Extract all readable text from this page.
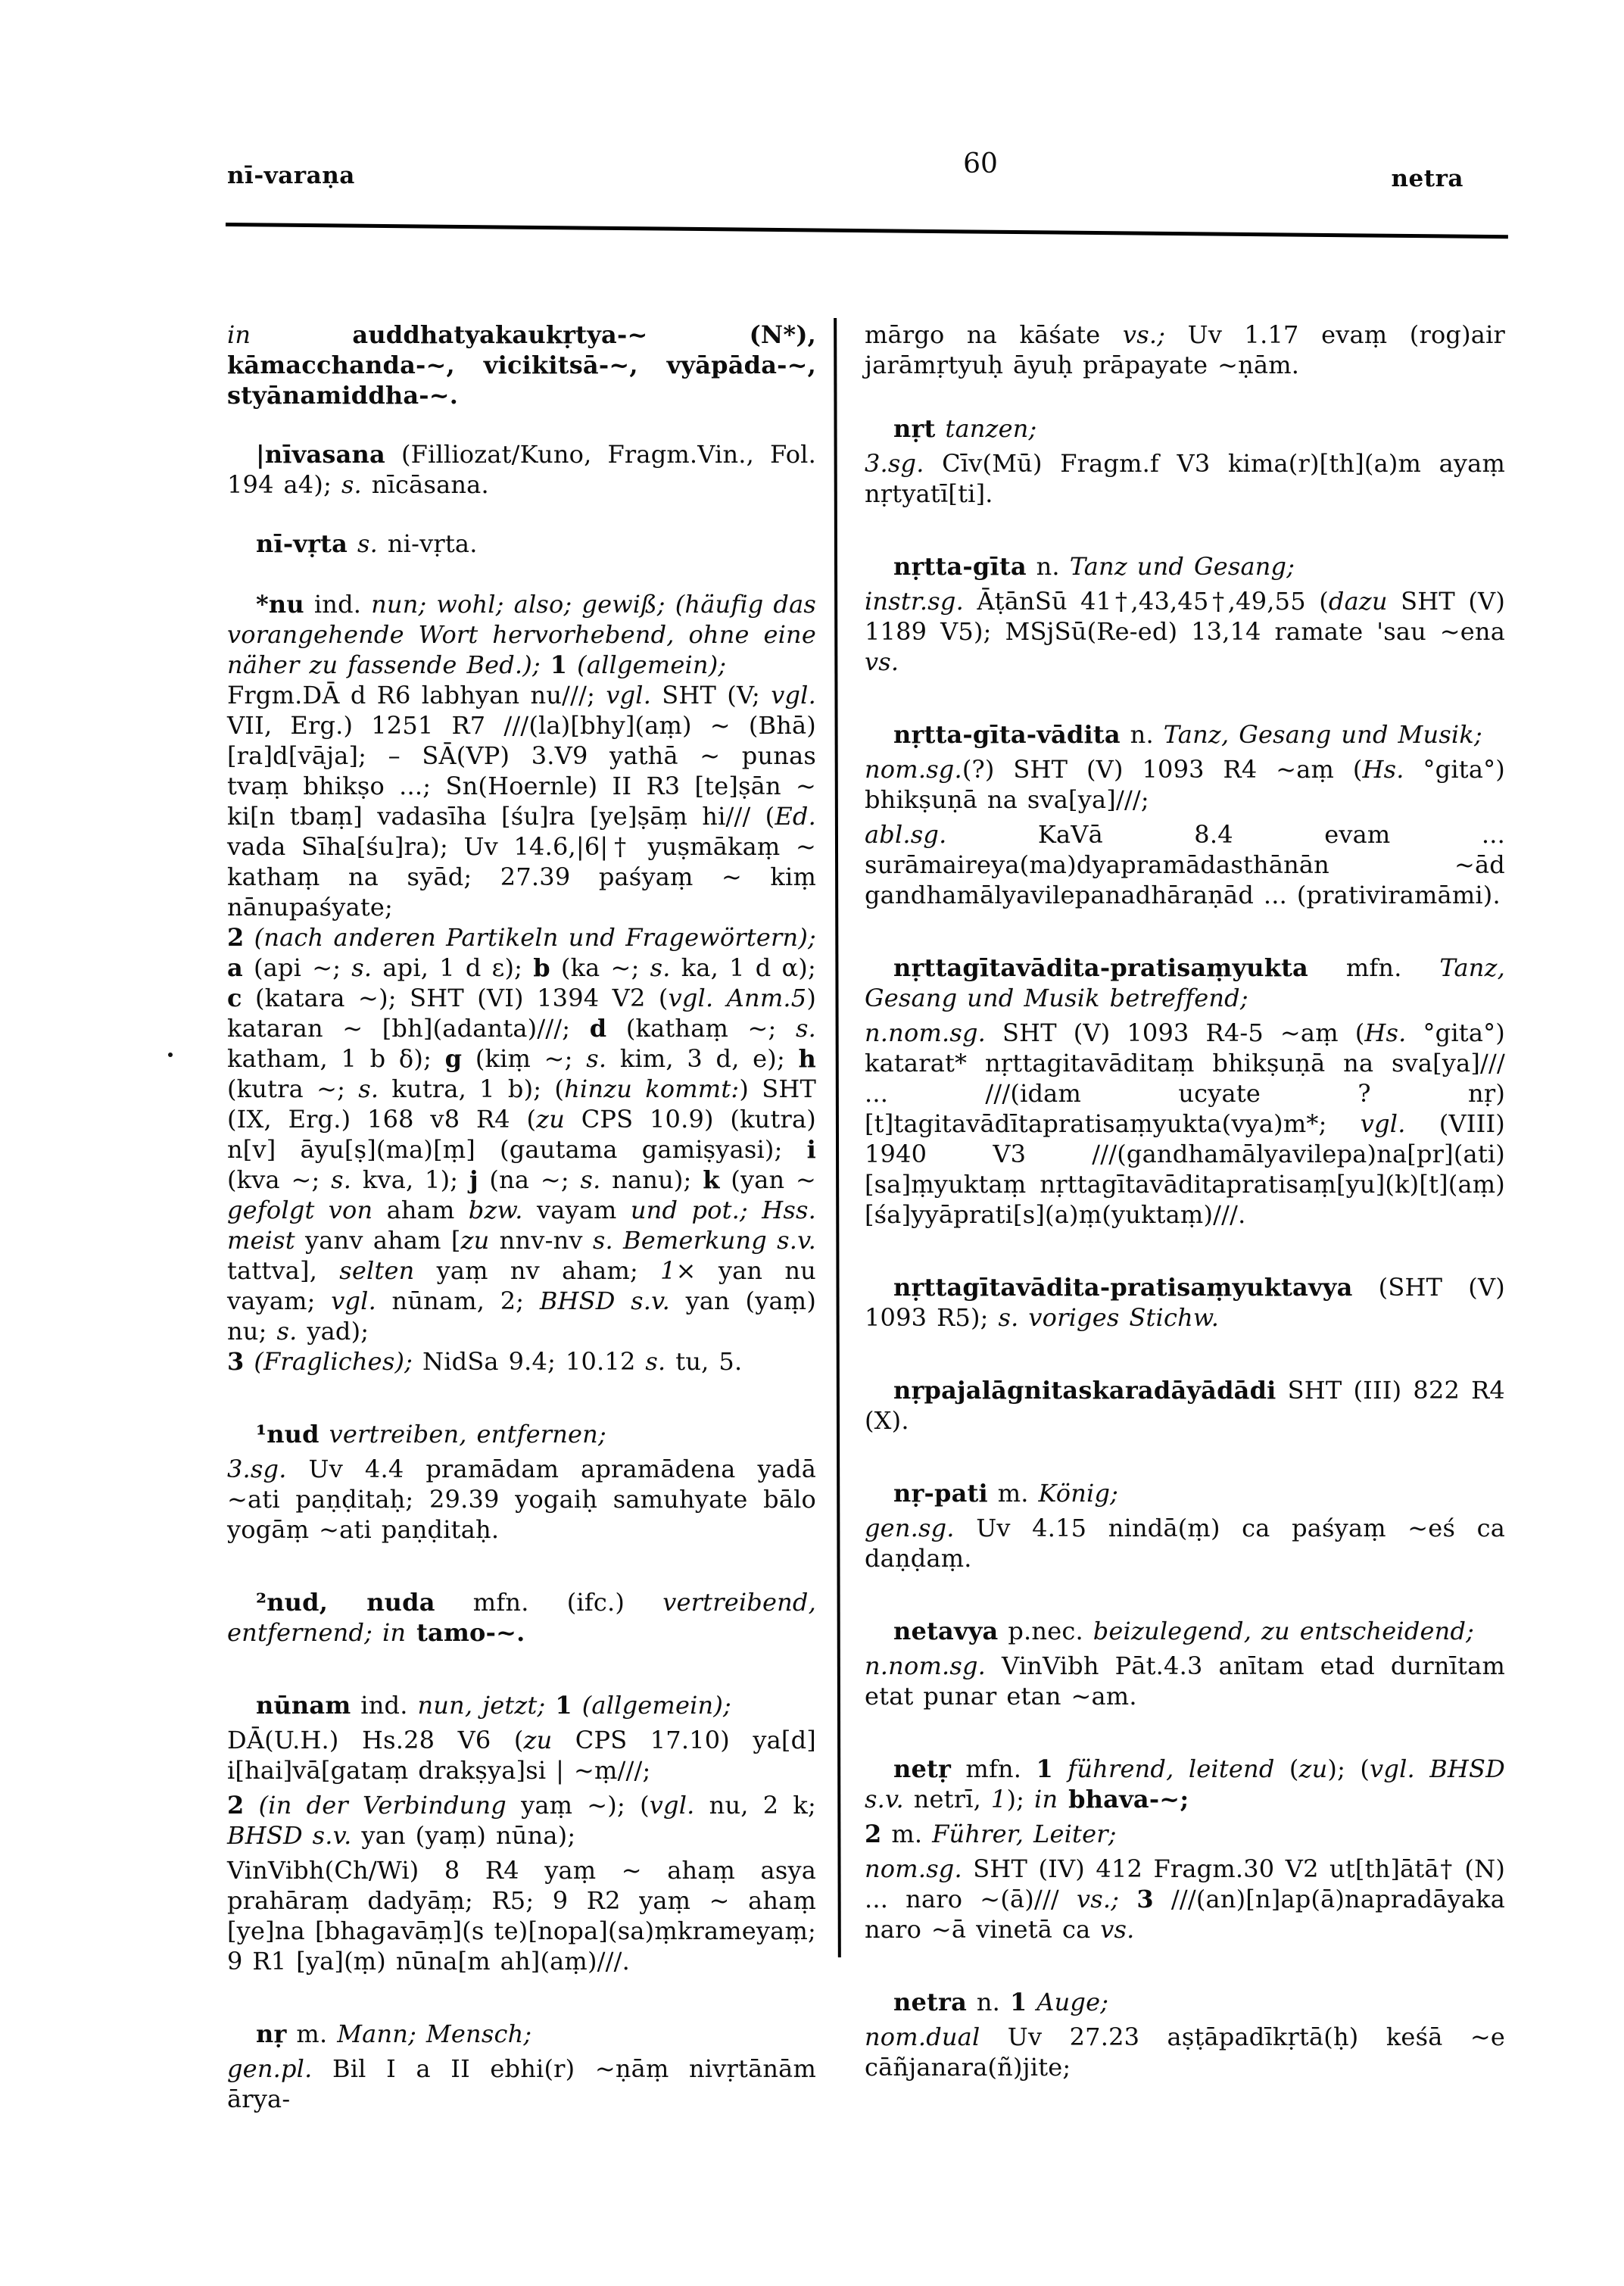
nī-varaṇa	60	netra
in auddhatyakaukṛtya-~ (N*), kāmacchanda-~, vicikitsā-~, vyāpāda-~, styānamiddha-~.
|nīvasana (Filliozat/Kuno, Fragm.Vin., Fol. 194 a4); s. nīcāsana.
nī-vṛta s. ni-vṛta.
*nu ind. nun; wohl; also; gewiß; (häufig das vorangehende Wort hervorhebend, ohne eine näher zu fassende Bed.); 1 (allgemein);
Frgm.DĀ d R6 labhyan nu///; vgl. SHT (V; vgl. VII, Erg.) 1251 R7 ///(la)[bhy](aṃ) ~ (Bhā)[ra]d[vāja]; – SĀ(VP) 3.V9 yathā ~ punas tvaṃ bhikṣo ...; Sn(Hoernle) II R3 [te]ṣān ~ ki[n tbaṃ] vadasīha [śu]ra [ye]ṣāṃ hi/// (Ed. vada Sīha[śu]ra); Uv 14.6,|6|† yuṣmākaṃ ~ kathaṃ na syād; 27.39 paśyaṃ ~ kiṃ nānupaśyate;
2 (nach anderen Partikeln und Fragewörtern); a (api ~; s. api, 1 d ε); b (ka ~; s. ka, 1 d α); c (katara ~); SHT (VI) 1394 V2 (vgl. Anm.5) kataran ~ [bh](adanta)///; d (kathaṃ ~; s. katham, 1 b δ); g (kiṃ ~; s. kim, 3 d, e); h (kutra ~; s. kutra, 1 b); (hinzu kommt:) SHT (IX, Erg.) 168 v8 R4 (zu CPS 10.9) (kutra) n[v] āyu[ṣ](ma)[ṃ] (gautama gamiṣyasi); i (kva ~; s. kva, 1); j (na ~; s. nanu); k (yan ~ gefolgt von aham bzw. vayam und pot.; Hss. meist yanv aham [zu nnv-nv s. Bemerkung s.v. tattva], selten yaṃ nv aham; 1× yan nu vayam; vgl. nūnam, 2; BHSD s.v. yan (yaṃ) nu; s. yad);
3 (Fragliches); NidSa 9.4; 10.12 s. tu, 5.
¹nud vertreiben, entfernen;
3.sg. Uv 4.4 pramādam apramādena yadā ~ati paṇḍitaḥ; 29.39 yogaiḥ samuhyate bālo yogāṃ ~ati paṇḍitaḥ.
²nud, nuda mfn. (ifc.) vertreibend, entfernend; in tamo-~.
nūnam ind. nun, jetzt; 1 (allgemein);
DĀ(U.H.) Hs.28 V6 (zu CPS 17.10) ya[d] i[hai]vā[gataṃ drakṣya]si | ~ṃ///;
2 (in der Verbindung yaṃ ~); (vgl. nu, 2 k; BHSD s.v. yan (yaṃ) nūna);
VinVibh(Ch/Wi) 8 R4 yaṃ ~ ahaṃ asya prahāraṃ dadyāṃ; R5; 9 R2 yaṃ ~ ahaṃ [ye]na [bhagavāṃ](s te)[nopa](sa)ṃkrameyaṃ; 9 R1 [ya](ṃ) nūna[m ah](aṃ)///.
nṛ m. Mann; Mensch;
gen.pl. Bil I a II ebhi(r) ~ṇāṃ nivṛtānām ārya-
mārgo na kāśate vs.; Uv 1.17 evaṃ (rog)air jarāmṛtyuḥ āyuḥ prāpayate ~ṇām.
nṛt tanzen;
3.sg. Cīv(Mū) Fragm.f V3 kima(r)[th](a)m ayaṃ nṛtyatī[ti].
nṛtta-gīta n. Tanz und Gesang;
instr.sg. ĀṭānSū 41†,43,45†,49,55 (dazu SHT (V) 1189 V5); MSjSū(Re-ed) 13,14 ramate 'sau ~ena vs.
nṛtta-gīta-vādita n. Tanz, Gesang und Musik;
nom.sg.(?) SHT (V) 1093 R4 ~aṃ (Hs. °gita°) bhikṣuṇā na sva[ya]///;
abl.sg. KaVā 8.4 evam ... surāmaireya(ma)dyapramādasthānān ~ād gandhamālyavilepanadhāraṇād ... (prativiramāmi).
nṛttagītavādita-pratisaṃyukta mfn. Tanz, Gesang und Musik betreffend;
n.nom.sg. SHT (V) 1093 R4-5 ~aṃ (Hs. °gita°) katarat* nṛttagitavāditaṃ bhikṣuṇā na sva[ya]/// ... ///(idam ucyate ? nṛ)[t]tagitavādītapratisaṃyukta(vya)m*; vgl. (VIII) 1940 V3 ///(gandhamālyavilepa)na[pr](ati)[sa]ṃyuktaṃ nṛttagītavāditapratisaṃ[yu](k)[t](aṃ) [śa]yyāprati[s](a)ṃ(yuktaṃ)///.
nṛttagītavādita-pratisaṃyuktavya (SHT (V) 1093 R5); s. voriges Stichw.
nṛpajalāgnitaskaradāyādādi SHT (III) 822 R4 (X).
nṛ-pati m. König;
gen.sg. Uv 4.15 nindā(ṃ) ca paśyaṃ ~eś ca daṇḍaṃ.
netavya p.nec. beizulegend, zu entscheidend;
n.nom.sg. VinVibh Pāt.4.3 anītam etad durnītam etat punar etan ~am.
netṛ mfn. 1 führend, leitend (zu); (vgl. BHSD s.v. netrī, 1); in bhava-~;
2 m. Führer, Leiter;
nom.sg. SHT (IV) 412 Fragm.30 V2 ut[th]ātā† (N) ... naro ~(ā)/// vs.; 3 ///(an)[n]ap(ā)napradāyaka naro ~ā vinetā ca vs.
netra n. 1 Auge;
nom.dual Uv 27.23 aṣṭāpadīkṛtā(ḥ) keśā ~e cāñjanara(ñ)jite;
